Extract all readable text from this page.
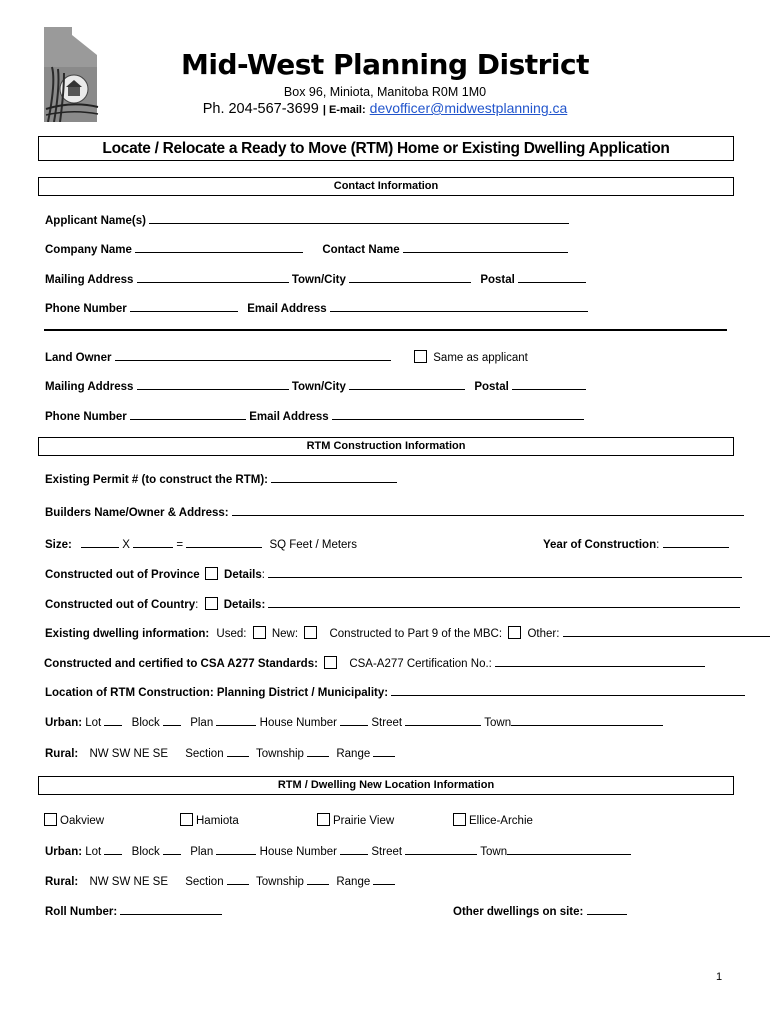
Mid-West Planning District
Box 96, Miniota, Manitoba R0M 1M0
Ph. 204-567-3699 | E-mail: devofficer@midwestplanning.ca
Locate / Relocate a Ready to Move (RTM) Home or Existing Dwelling Application
Contact Information
Applicant Name(s)
Company Name	Contact Name
Mailing Address	Town/City	Postal
Phone Number	Email Address
Land Owner	Same as applicant
Mailing Address	Town/City	Postal
Phone Number	Email Address
RTM Construction Information
Existing Permit # (to construct the RTM):
Builders Name/Owner & Address:
Size:	X	=	SQ Feet / Meters	Year of Construction:
Constructed out of Province Details:
Constructed out of Country:  Details:
Existing dwelling information: Used: New:	Constructed to Part 9 of the MBC: Other:
Constructed and certified to CSA A277 Standards:	CSA-A277 Certification No.:
Location of RTM Construction: Planning District / Municipality:
Urban: Lot	Block	Plan	House Number	Street	Town
Rural: NW SW NE SE Section	Township	Range
RTM / Dwelling New Location Information
Oakview	Hamiota	Prairie View	Ellice-Archie
Urban: Lot	Block	Plan	House Number	Street	Town
Rural: NW SW NE SE Section	Township	Range
Roll Number:	Other dwellings on site:
1
